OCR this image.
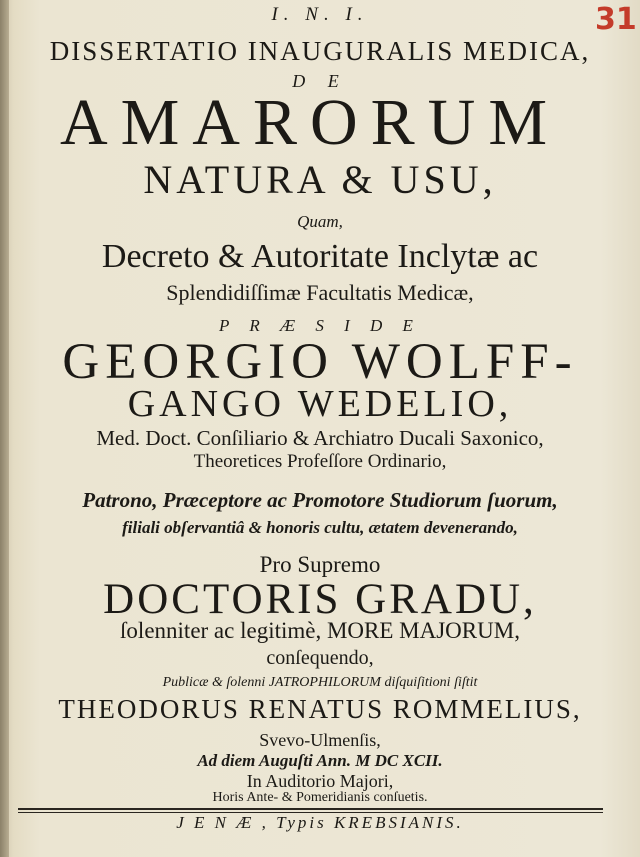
31
I. N. I.
DISSERTATIO INAUGURALIS MEDICA,
D E
AMARORUM
NATURA & USU,
Quam,
Decreto & Autoritate Inclytæ ac
Splendidiſſimæ Facultatis Medicæ,
P R Æ S I D E
GEORGIO WOLFF-
GANGO WEDELIO,
Med. Doct. Conſiliario & Archiatro Ducali Saxonico,
Theoretices Profeſſore Ordinario,
Patrono, Præceptore ac Promotore Studiorum ſuorum,
filiali obſervantiâ & honoris cultu, ætatem devenerando,
Pro Supremo
DOCTORIS GRADU,
ſolenniter ac legitimè, MORE MAJORUM,
conſequendo,
Publicæ & ſolenni JATROPHILORUM diſquiſitioni ſiſtit
THEODORUS RENATUS ROMMELIUS,
Svevo-Ulmenſis,
Ad diem Auguſti Ann. M DC XCII.
In Auditorio Majori,
Horis Ante- & Pomeridianis conſuetis.
J E N Æ , Typis KREBSIANIS.
